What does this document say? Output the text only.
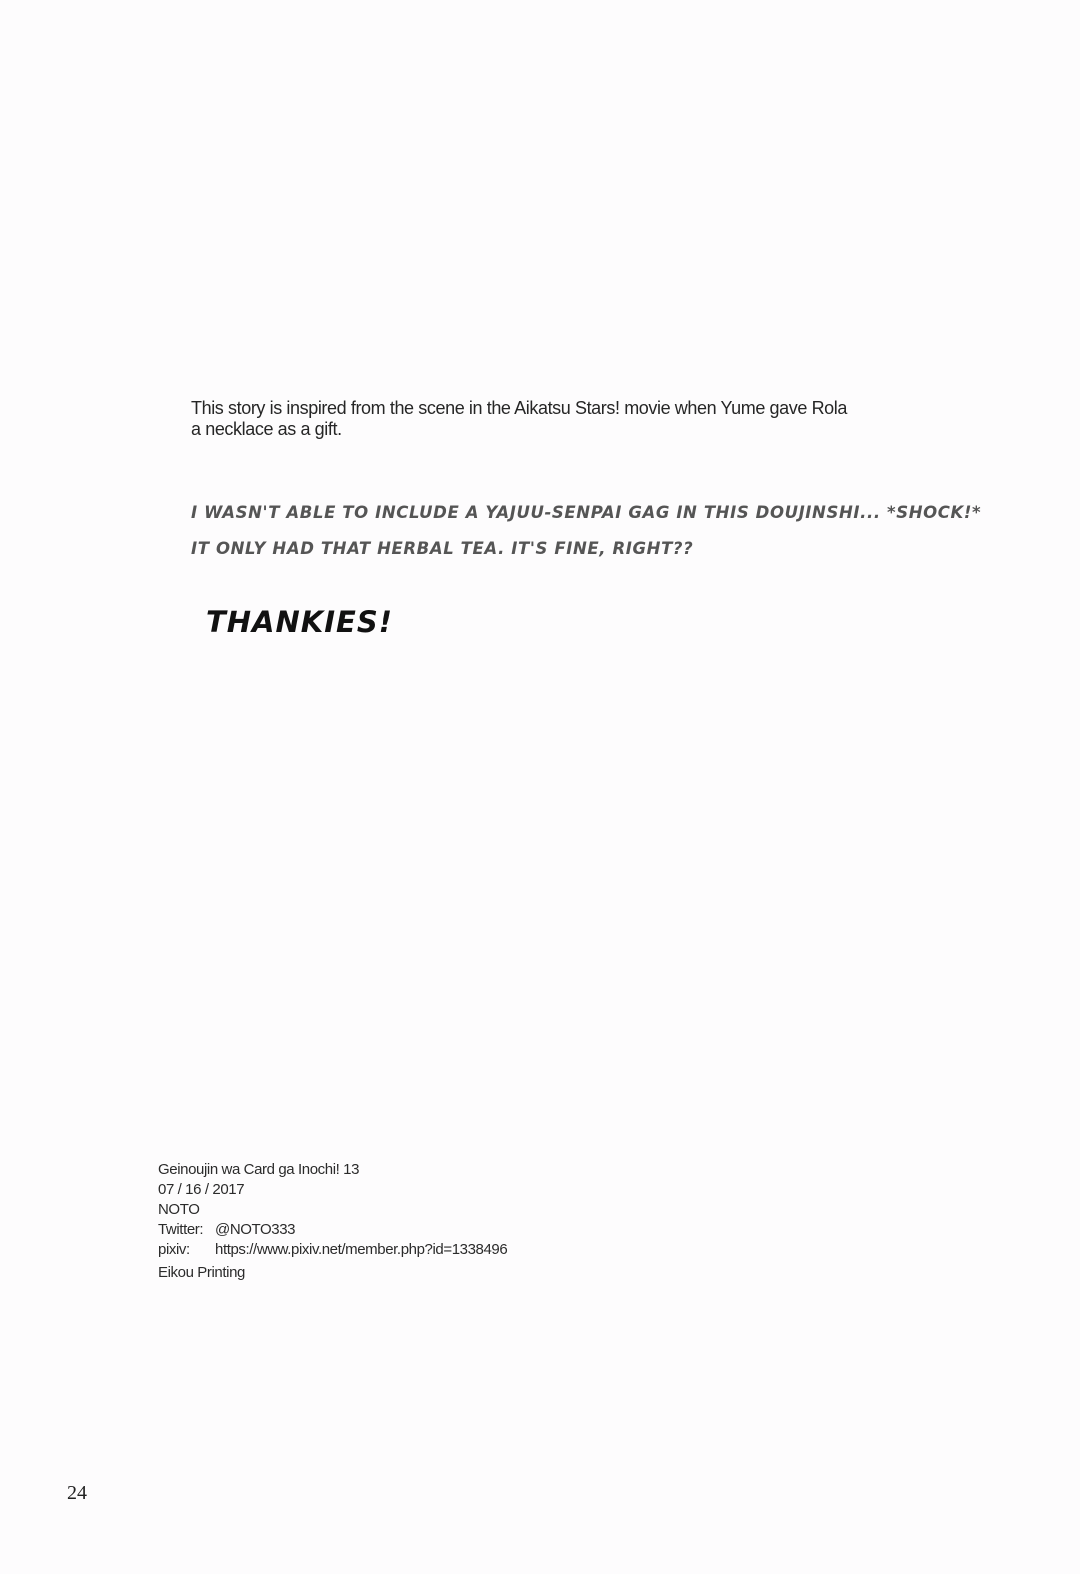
This story is inspired from the scene in the Aikatsu Stars! movie when Yume gave Rola

a necklace as a gift.

I WASN'T ABLE TO INCLUDE A YAJUU-SENPAI GAG IN THIS DOUJINSHI... *SHOCK!*
IT ONLY HAD THAT HERBAL TEA. IT'S FINE, RIGHT??
THANKIES!
Geinoujin wa Card ga Inochi! 13
07 / 16 / 2017
NOTO
Twitter: @NOTO333
pixiv:	https://www.pixiv.net/member.php?id=1338496
Eikou Printing
24
